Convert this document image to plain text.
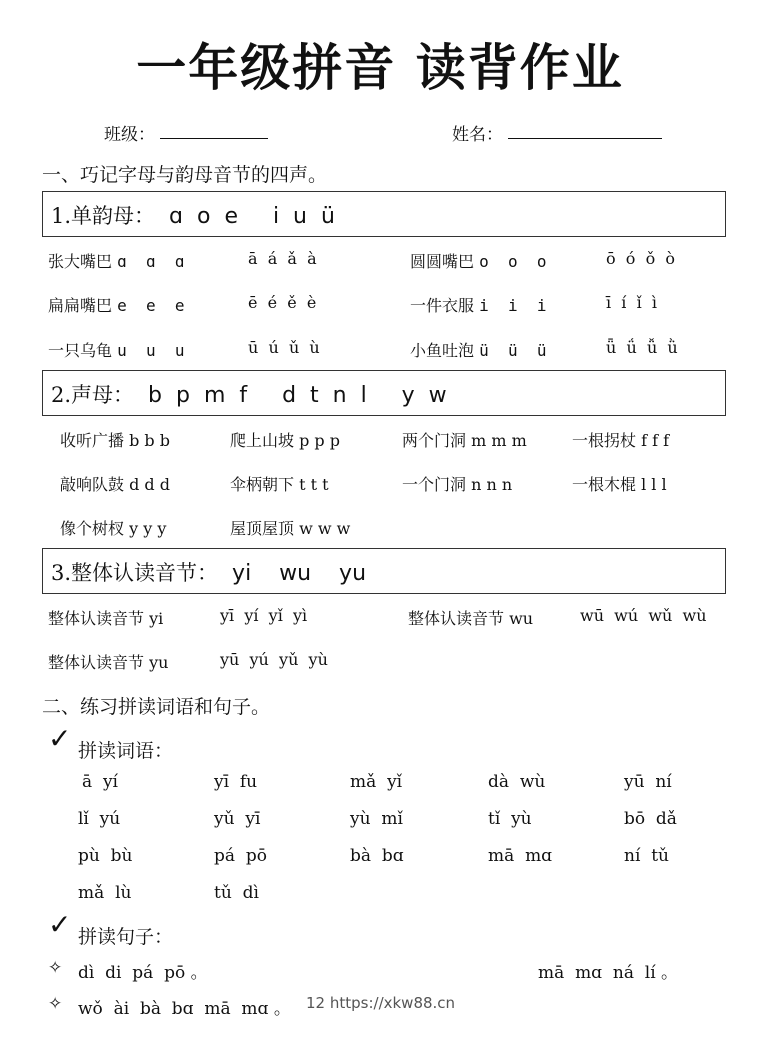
一年级拼音 读背作业
班级：	姓名：
一、巧记字母与韵母音节的四声。
1.单韵母： ɑ  o  e     i  u  ü
张大嘴巴 ɑ  ɑ  ɑ	ā  á  ǎ  à	圆圆嘴巴 o  o  o	ō  ó  ǒ  ò
扁扁嘴巴 e  e  e	ē  é  ě  è	一件衣服 i  i  i	ī  í  ǐ  ì
一只乌龟 u  u  u	ū  ú  ǔ  ù	小鱼吐泡 ü  ü  ü	ǖ  ǘ  ǚ  ǜ
2.声母： b  p  m  f     d  t  n  l     y  w
收听广播 b b b	爬上山坡 p p p	两个门洞 m m m	一根拐杖 f f f
敲响队鼓 d d d	伞柄朝下 t t t	一个门洞 n n n	一根木棍 l l l
像个树杈 y y y	屋顶屋顶 w w w
3.整体认读音节： yi    wu    yu
整体认读音节 yi	yī  yí  yǐ  yì	整体认读音节 wu	wū  wú  wǔ  wù
整体认读音节 yu	yū  yú  yǔ  yù
二、练习拼读词语和句子。
✓ 拼读词语：
ā  yí	yī  fu	mǎ  yǐ	dà  wù	yū  ní
lǐ  yú	yǔ  yī	yù  mǐ	tǐ  yù	bō  dǎ
pù  bù	pá  pō	bà  bɑ	mā  mɑ	ní  tǔ
mǎ  lù	tǔ  dì
✓ 拼读句子：
✧ dì  di  pá  pō 。	mā  mɑ  ná  lí 。
✧ wǒ  ài  bà  bɑ  mā  mɑ 。 12 https://xkw88.cn
